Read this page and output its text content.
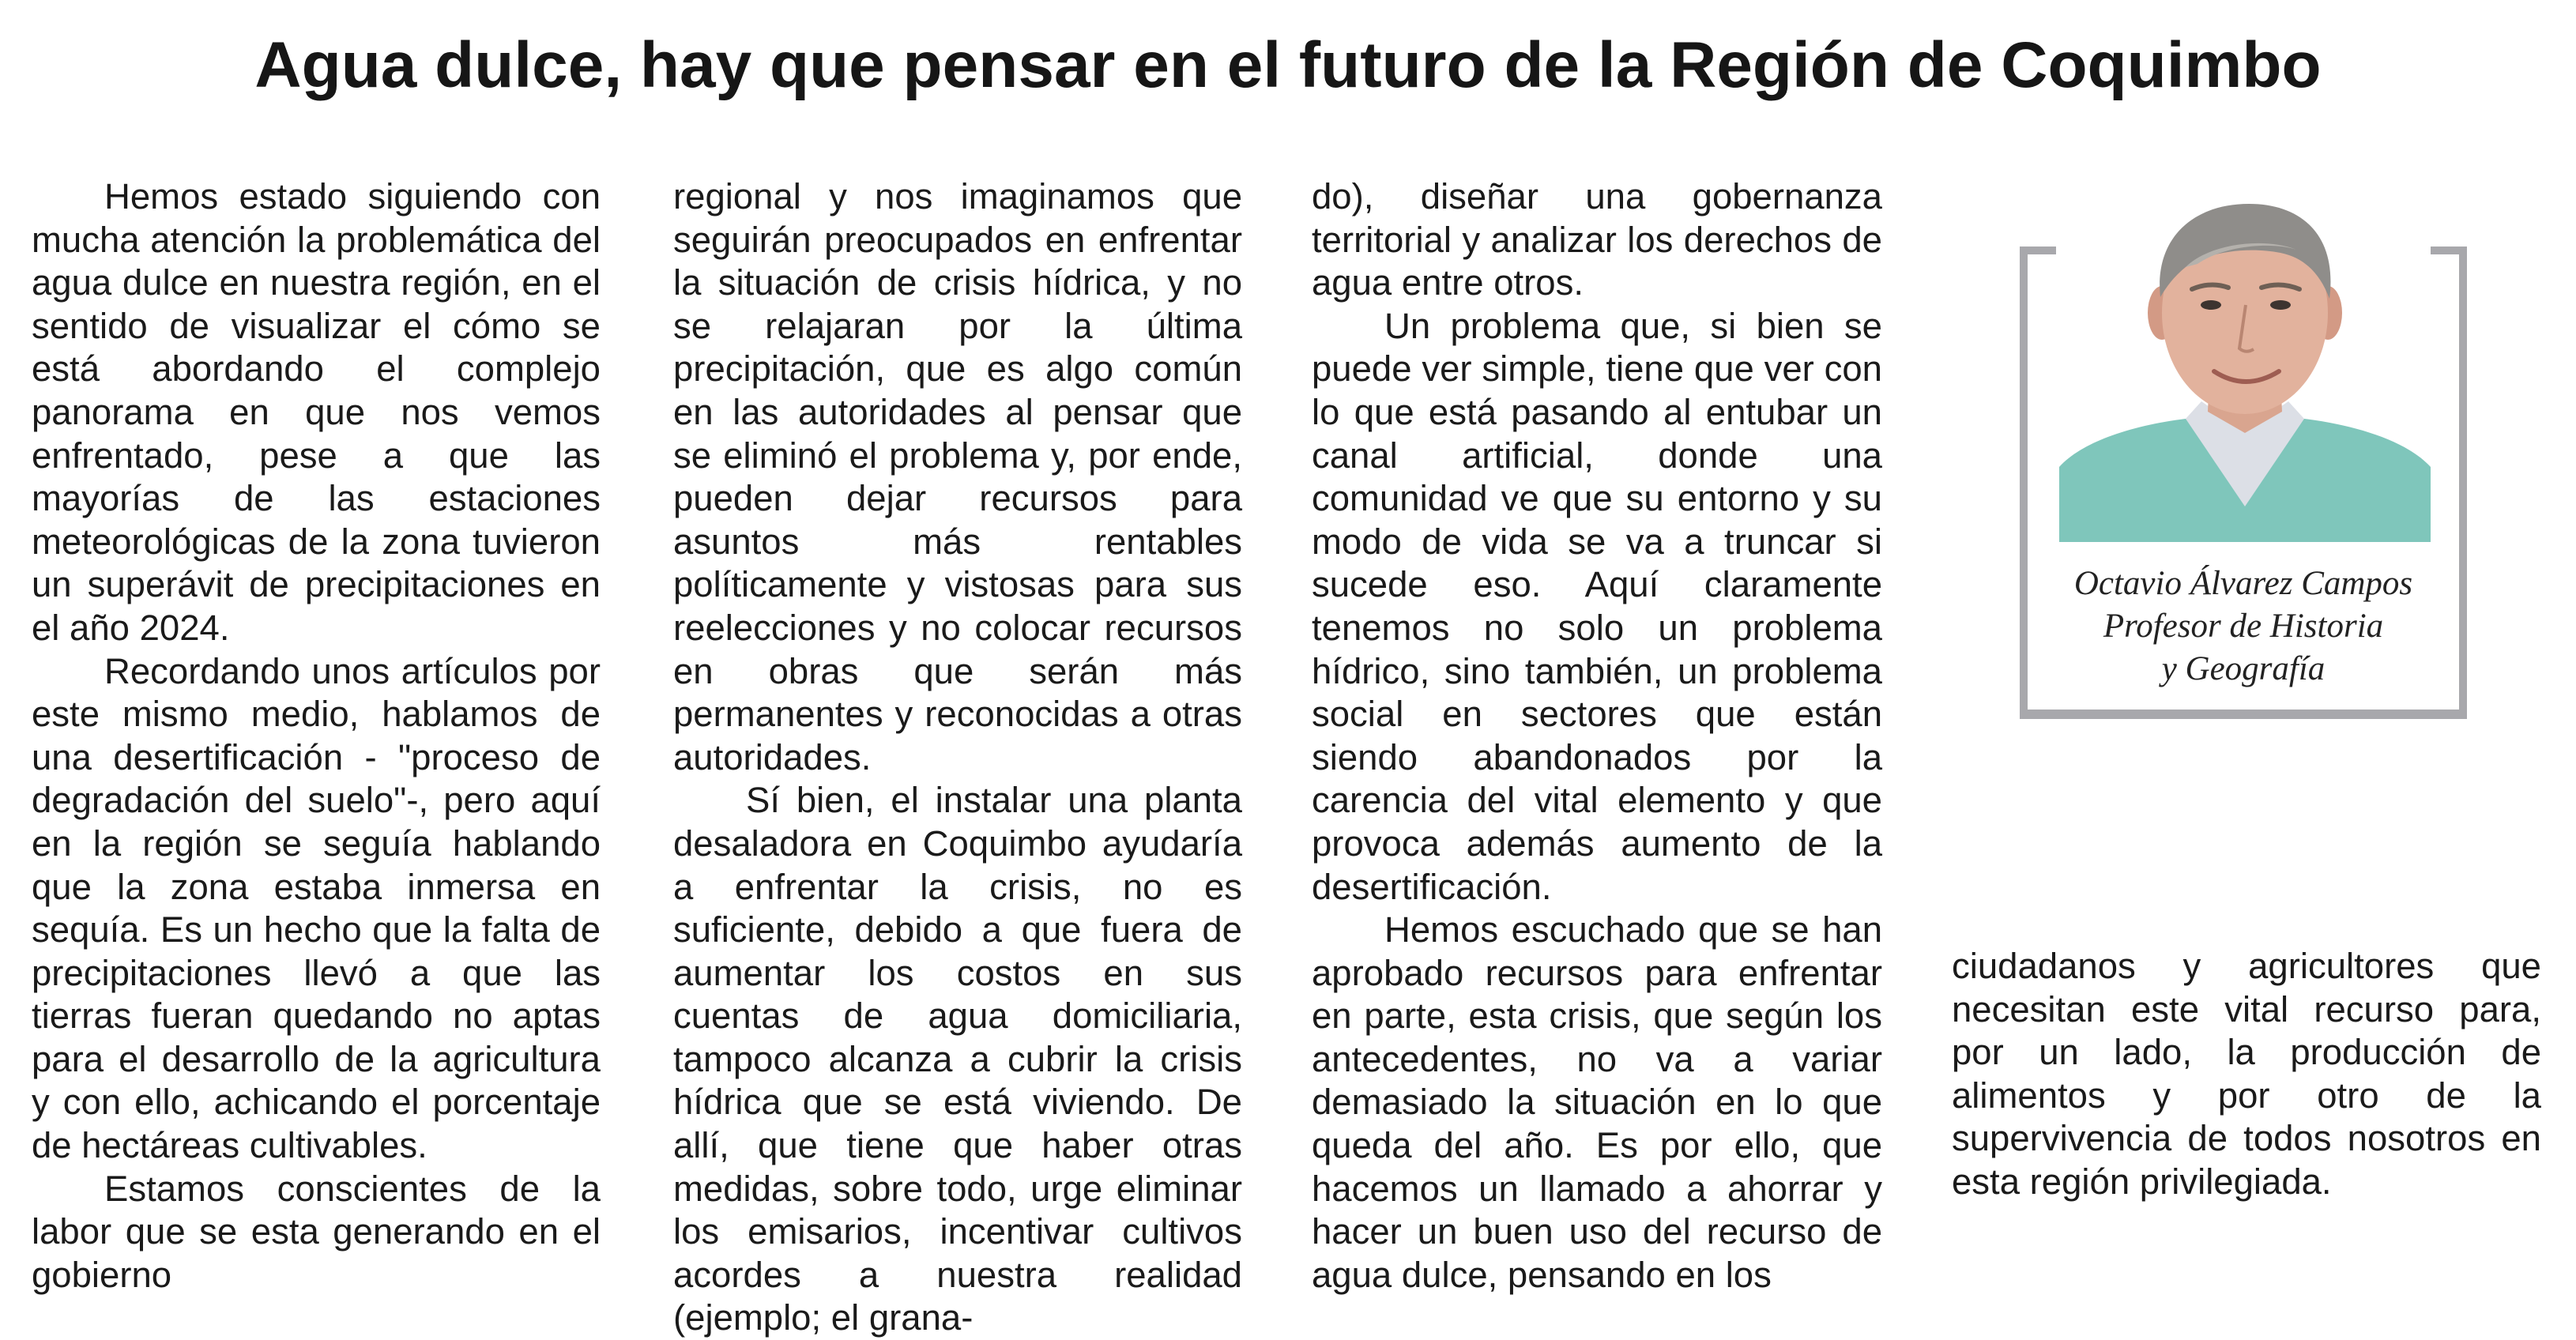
Agua dulce, hay que pensar en el futuro de la Región de Coquimbo

Hemos estado siguiendo con mucha atención la problemática del agua dulce en nuestra región, en el sentido de visualizar el cómo se está abordando el complejo panorama en que nos vemos enfrentado, pese a que las mayorías de las estaciones meteorológicas de la zona tuvieron un superávit de precipitaciones en el año 2024.

Recordando unos artículos por este mismo medio, hablamos de una desertificación - "proceso de degradación del suelo"-, pero aquí en la región se seguía hablando que la zona estaba inmersa en sequía. Es un hecho que la falta de precipitaciones llevó a que las tierras fueran quedando no aptas para el desarrollo de la agricultura y con ello, achicando el porcentaje de hectáreas cultivables.

Estamos conscientes de la labor que se esta generando en el gobierno

regional y nos imaginamos que seguirán preocupados en enfrentar la situación de crisis hídrica, y no se relajaran por la última precipitación, que es algo común en las autoridades al pensar que se eliminó el problema y, por ende, pueden dejar recursos para asuntos más rentables políticamente y vistosas para sus reelecciones y no colocar recursos en obras que serán más permanentes y reconocidas a otras autoridades.

Sí bien, el instalar una planta desaladora en Coquimbo ayudaría a enfrentar la crisis, no es suficiente, debido a que fuera de aumentar los costos en sus cuentas de agua domiciliaria, tampoco alcanza a cubrir la crisis hídrica que se está viviendo. De allí, que tiene que haber otras medidas, sobre todo, urge eliminar los emisarios, incentivar cultivos acordes a nuestra realidad (ejemplo; el grana-

do), diseñar una gobernanza territorial y analizar los derechos de agua entre otros.

Un problema que, si bien se puede ver simple, tiene que ver con lo que está pasando al entubar un canal artificial, donde una comunidad ve que su entorno y su modo de vida se va a truncar si sucede eso. Aquí claramente tenemos no solo un problema hídrico, sino también, un problema social en sectores que están siendo abandonados por la carencia del vital elemento y que provoca además aumento de la desertificación.

Hemos escuchado que se han aprobado recursos para enfrentar en parte, esta crisis, que según los antecedentes, no va a variar demasiado la situación en lo que queda del año. Es por ello, que hacemos un llamado a ahorrar y hacer un buen uso del recurso de agua dulce, pensando en los

ciudadanos y agricultores que necesitan este vital recurso para, por un lado, la producción de alimentos y por otro de la supervivencia de todos nosotros en esta región privilegiada.

Octavio Álvarez Campos
Profesor de Historia
y Geografía
